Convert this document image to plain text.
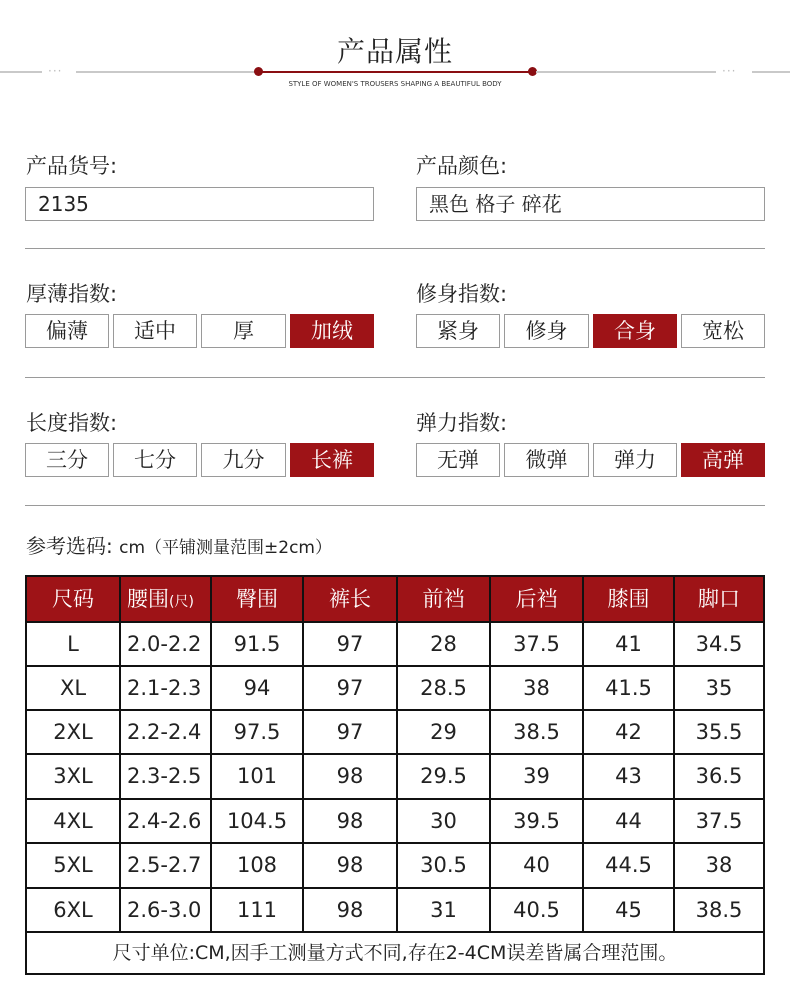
产品属性
···	···
STYLE OF WOMEN'S TROUSERS SHAPING A BEAUTIFUL BODY
产品货号:
2135
产品颜色:
黑色 格子 碎花
厚薄指数:
偏薄	适中	厚	加绒
修身指数:
紧身	修身	合身	宽松
长度指数:
三分	七分	九分	长裤
弹力指数:
无弹	微弹	弹力	高弹
参考选码: cm（平铺测量范围±2cm）
尺码	腰围(尺)	臀围	裤长	前裆	后裆	膝围	脚口
L	2.0-2.2	91.5	97	28	37.5	41	34.5
XL	2.1-2.3	94	97	28.5	38	41.5	35
2XL	2.2-2.4	97.5	97	29	38.5	42	35.5
3XL	2.3-2.5	101	98	29.5	39	43	36.5
4XL	2.4-2.6	104.5	98	30	39.5	44	37.5
5XL	2.5-2.7	108	98	30.5	40	44.5	38
6XL	2.6-3.0	111	98	31	40.5	45	38.5
尺寸单位:CM,因手工测量方式不同,存在2-4CM误差皆属合理范围。
